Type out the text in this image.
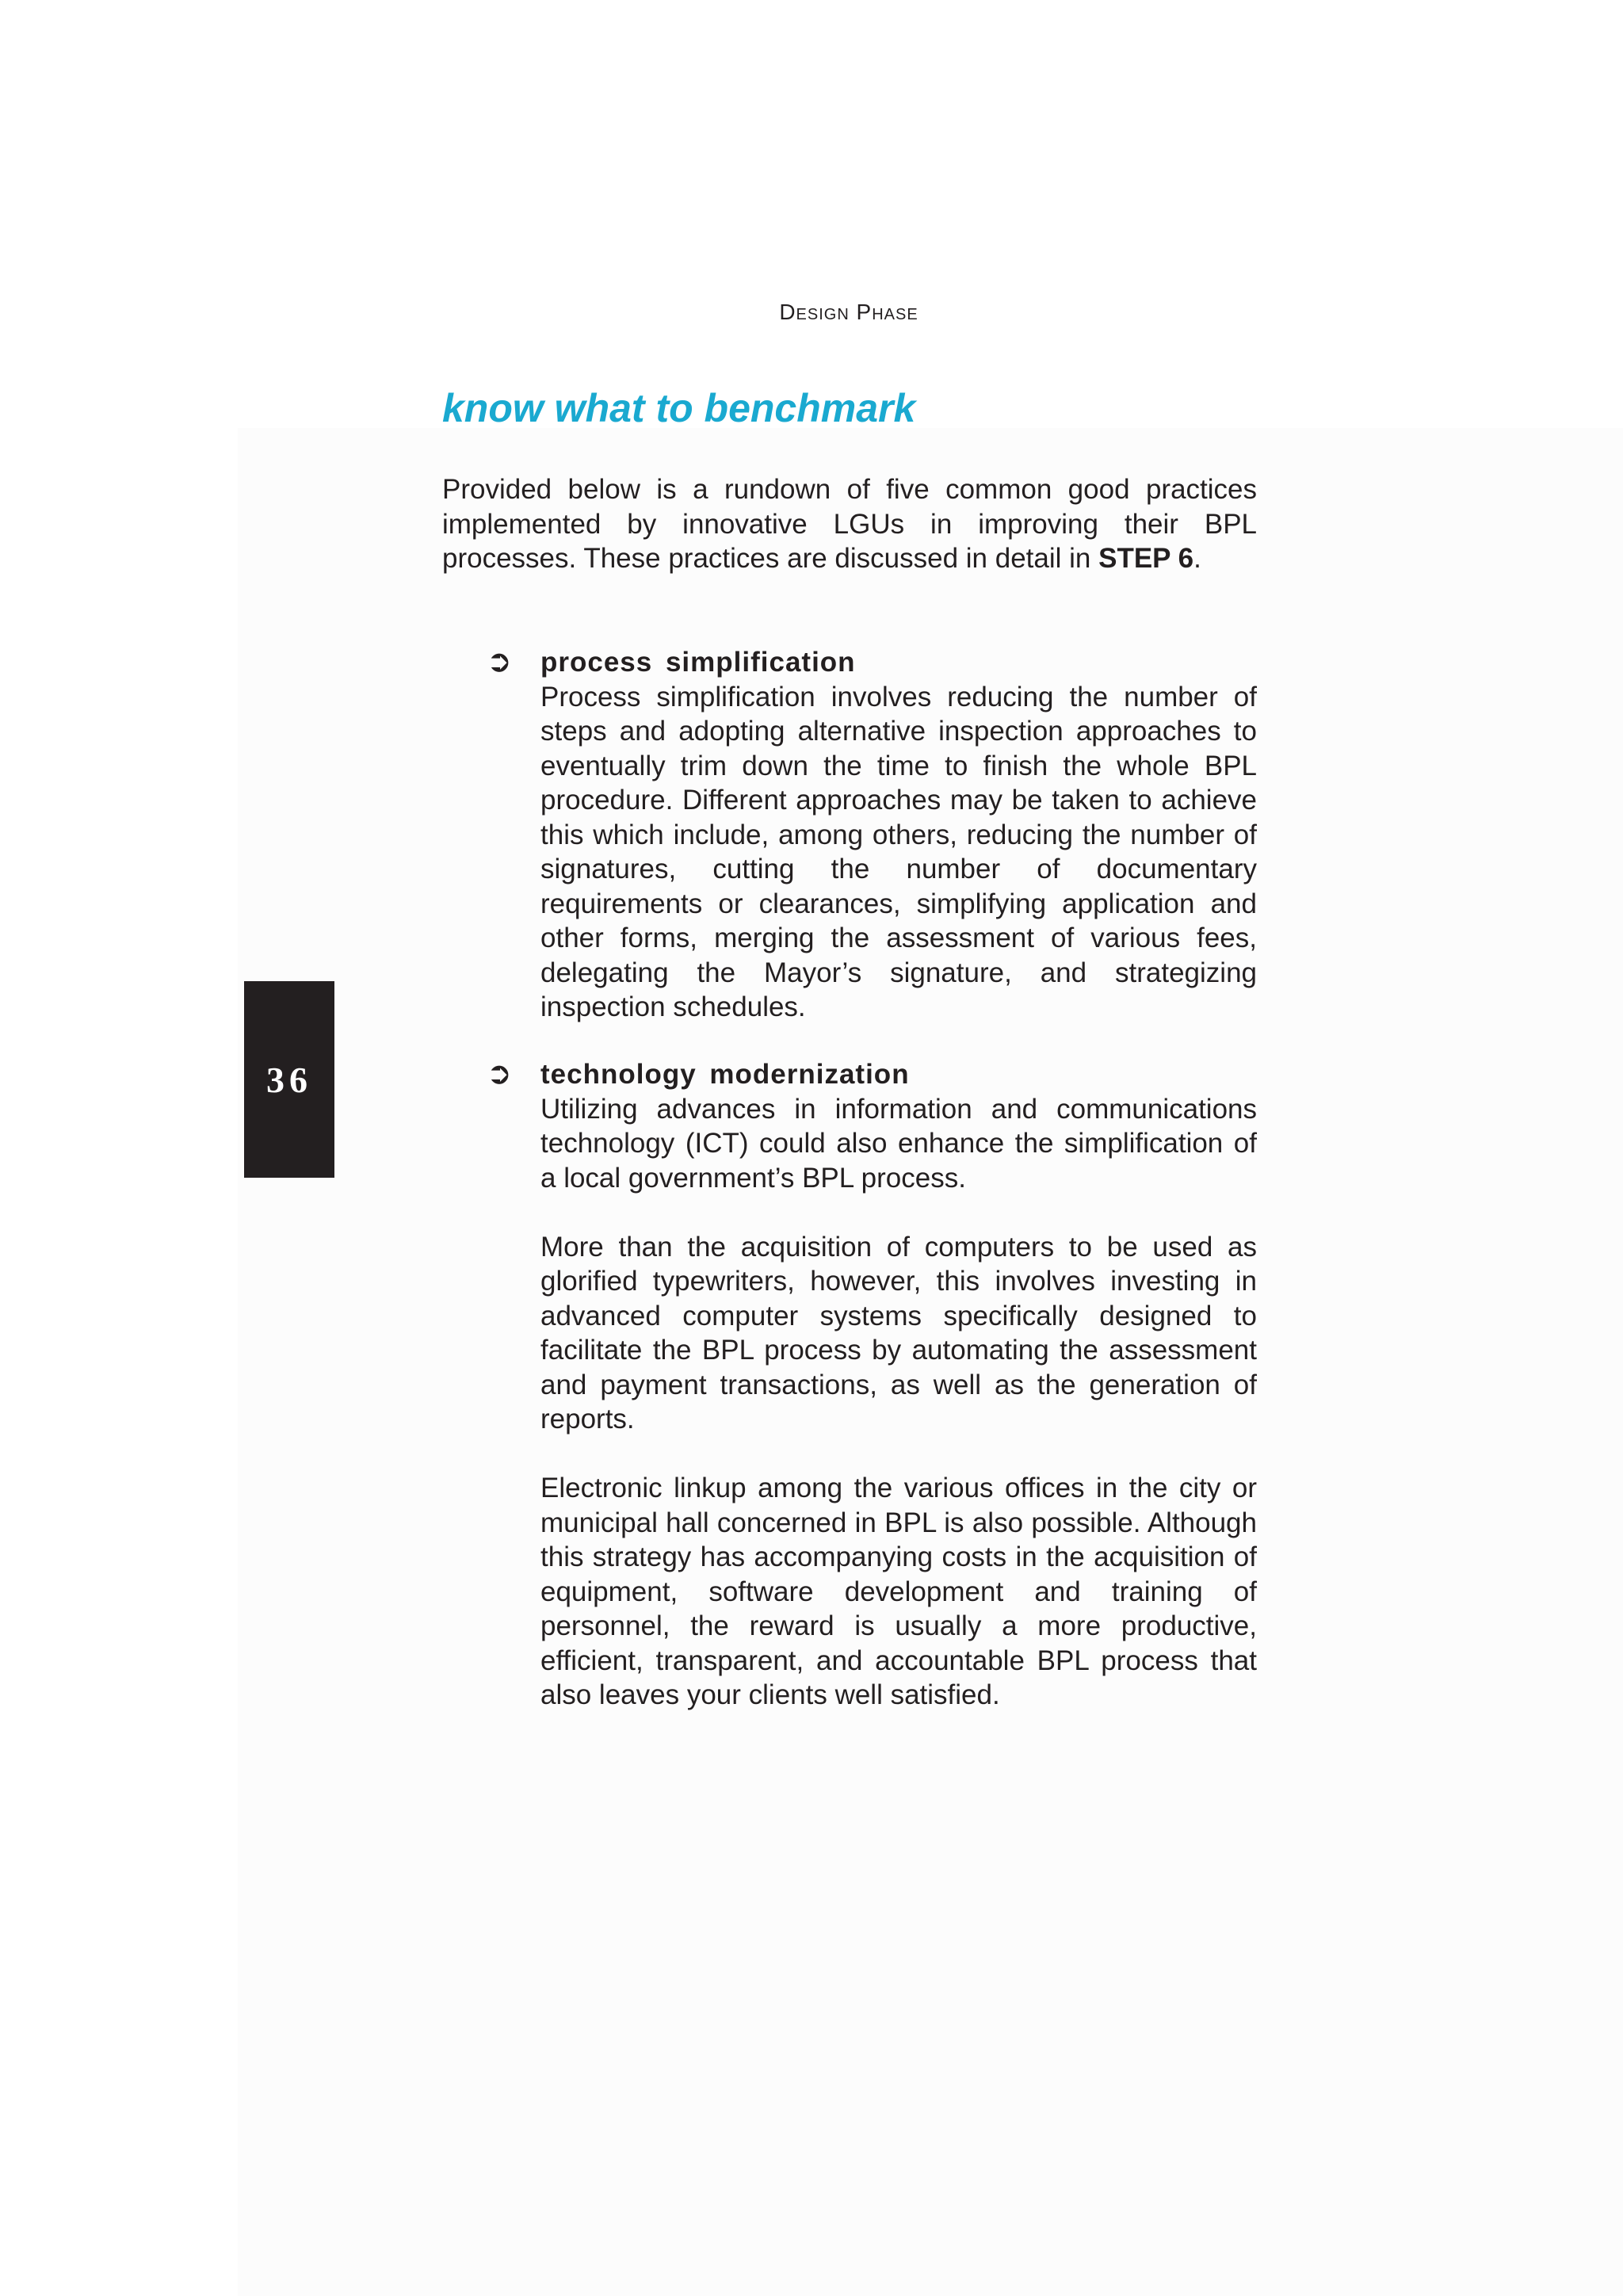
Design Phase
know what to benchmark

Provided below is a rundown of five common good practices implemented by innovative LGUs in improving their BPL processes. These practices are discussed in detail in STEP 6.

➲ process simplification

Process simplification involves reducing the number of steps and adopting alternative inspection approaches to eventually trim down the time to finish the whole BPL procedure. Different approaches may be taken to achieve this which include, among others, reducing the number of signatures, cutting the number of documentary requirements or clearances, simplifying application and other forms, merging the assessment of various fees, delegating the Mayor’s signature, and strategizing inspection schedules.

➲ technology modernization

Utilizing advances in information and communications technology (ICT) could also enhance the simplification of a local government’s BPL process.

More than the acquisition of computers to be used as glorified typewriters, however, this involves investing in advanced computer systems specifically designed to facilitate the BPL process by automating the assessment and payment transactions, as well as the generation of reports.

Electronic linkup among the various offices in the city or municipal hall concerned in BPL is also possible. Although this strategy has accompanying costs in the acquisition of equipment, software development and training of personnel, the reward is usually a more productive, efficient, transparent, and accountable BPL process that also leaves your clients well satisfied.

36
